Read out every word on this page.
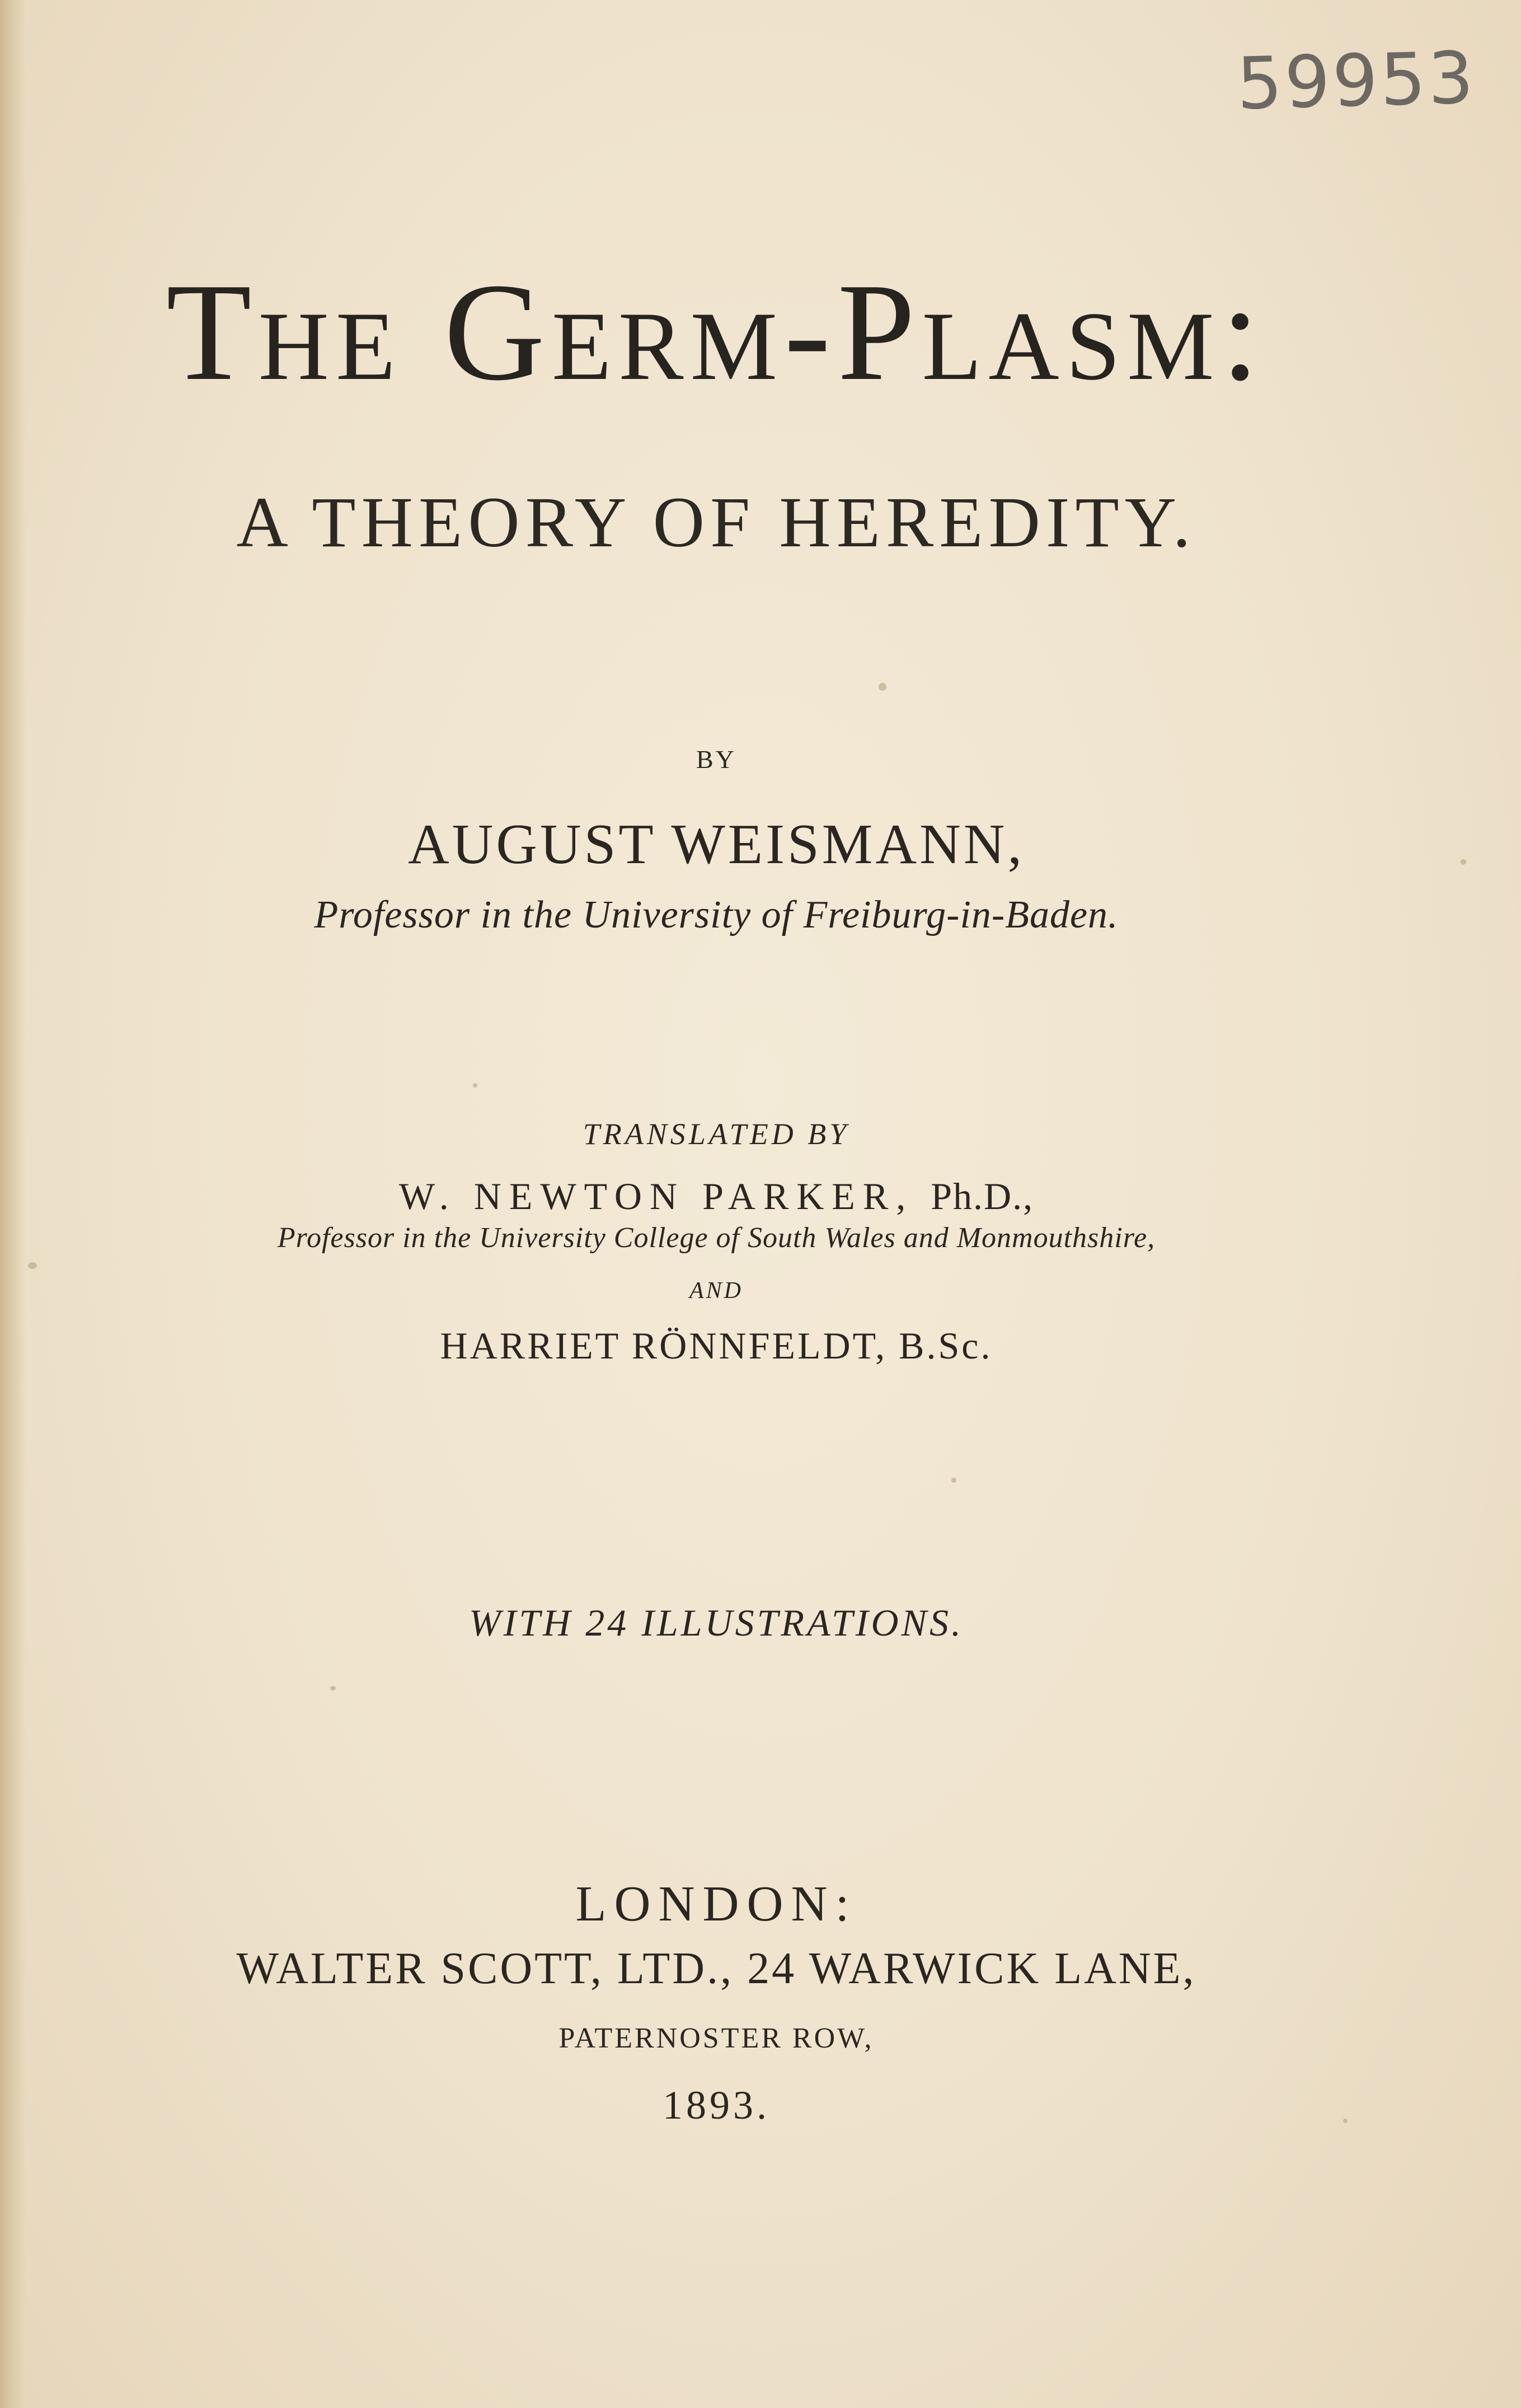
59953
The Germ-Plasm:
A THEORY OF HEREDITY.
BY
AUGUST WEISMANN,
Professor in the University of Freiburg-in-Baden.
TRANSLATED BY
W. NEWTON PARKER, Ph.D.,
Professor in the University College of South Wales and Monmouthshire,
AND
HARRIET RÖNNFELDT, B.Sc.
WITH 24 ILLUSTRATIONS.
LONDON:
WALTER SCOTT, LTD., 24 WARWICK LANE,
PATERNOSTER ROW,
1893.
